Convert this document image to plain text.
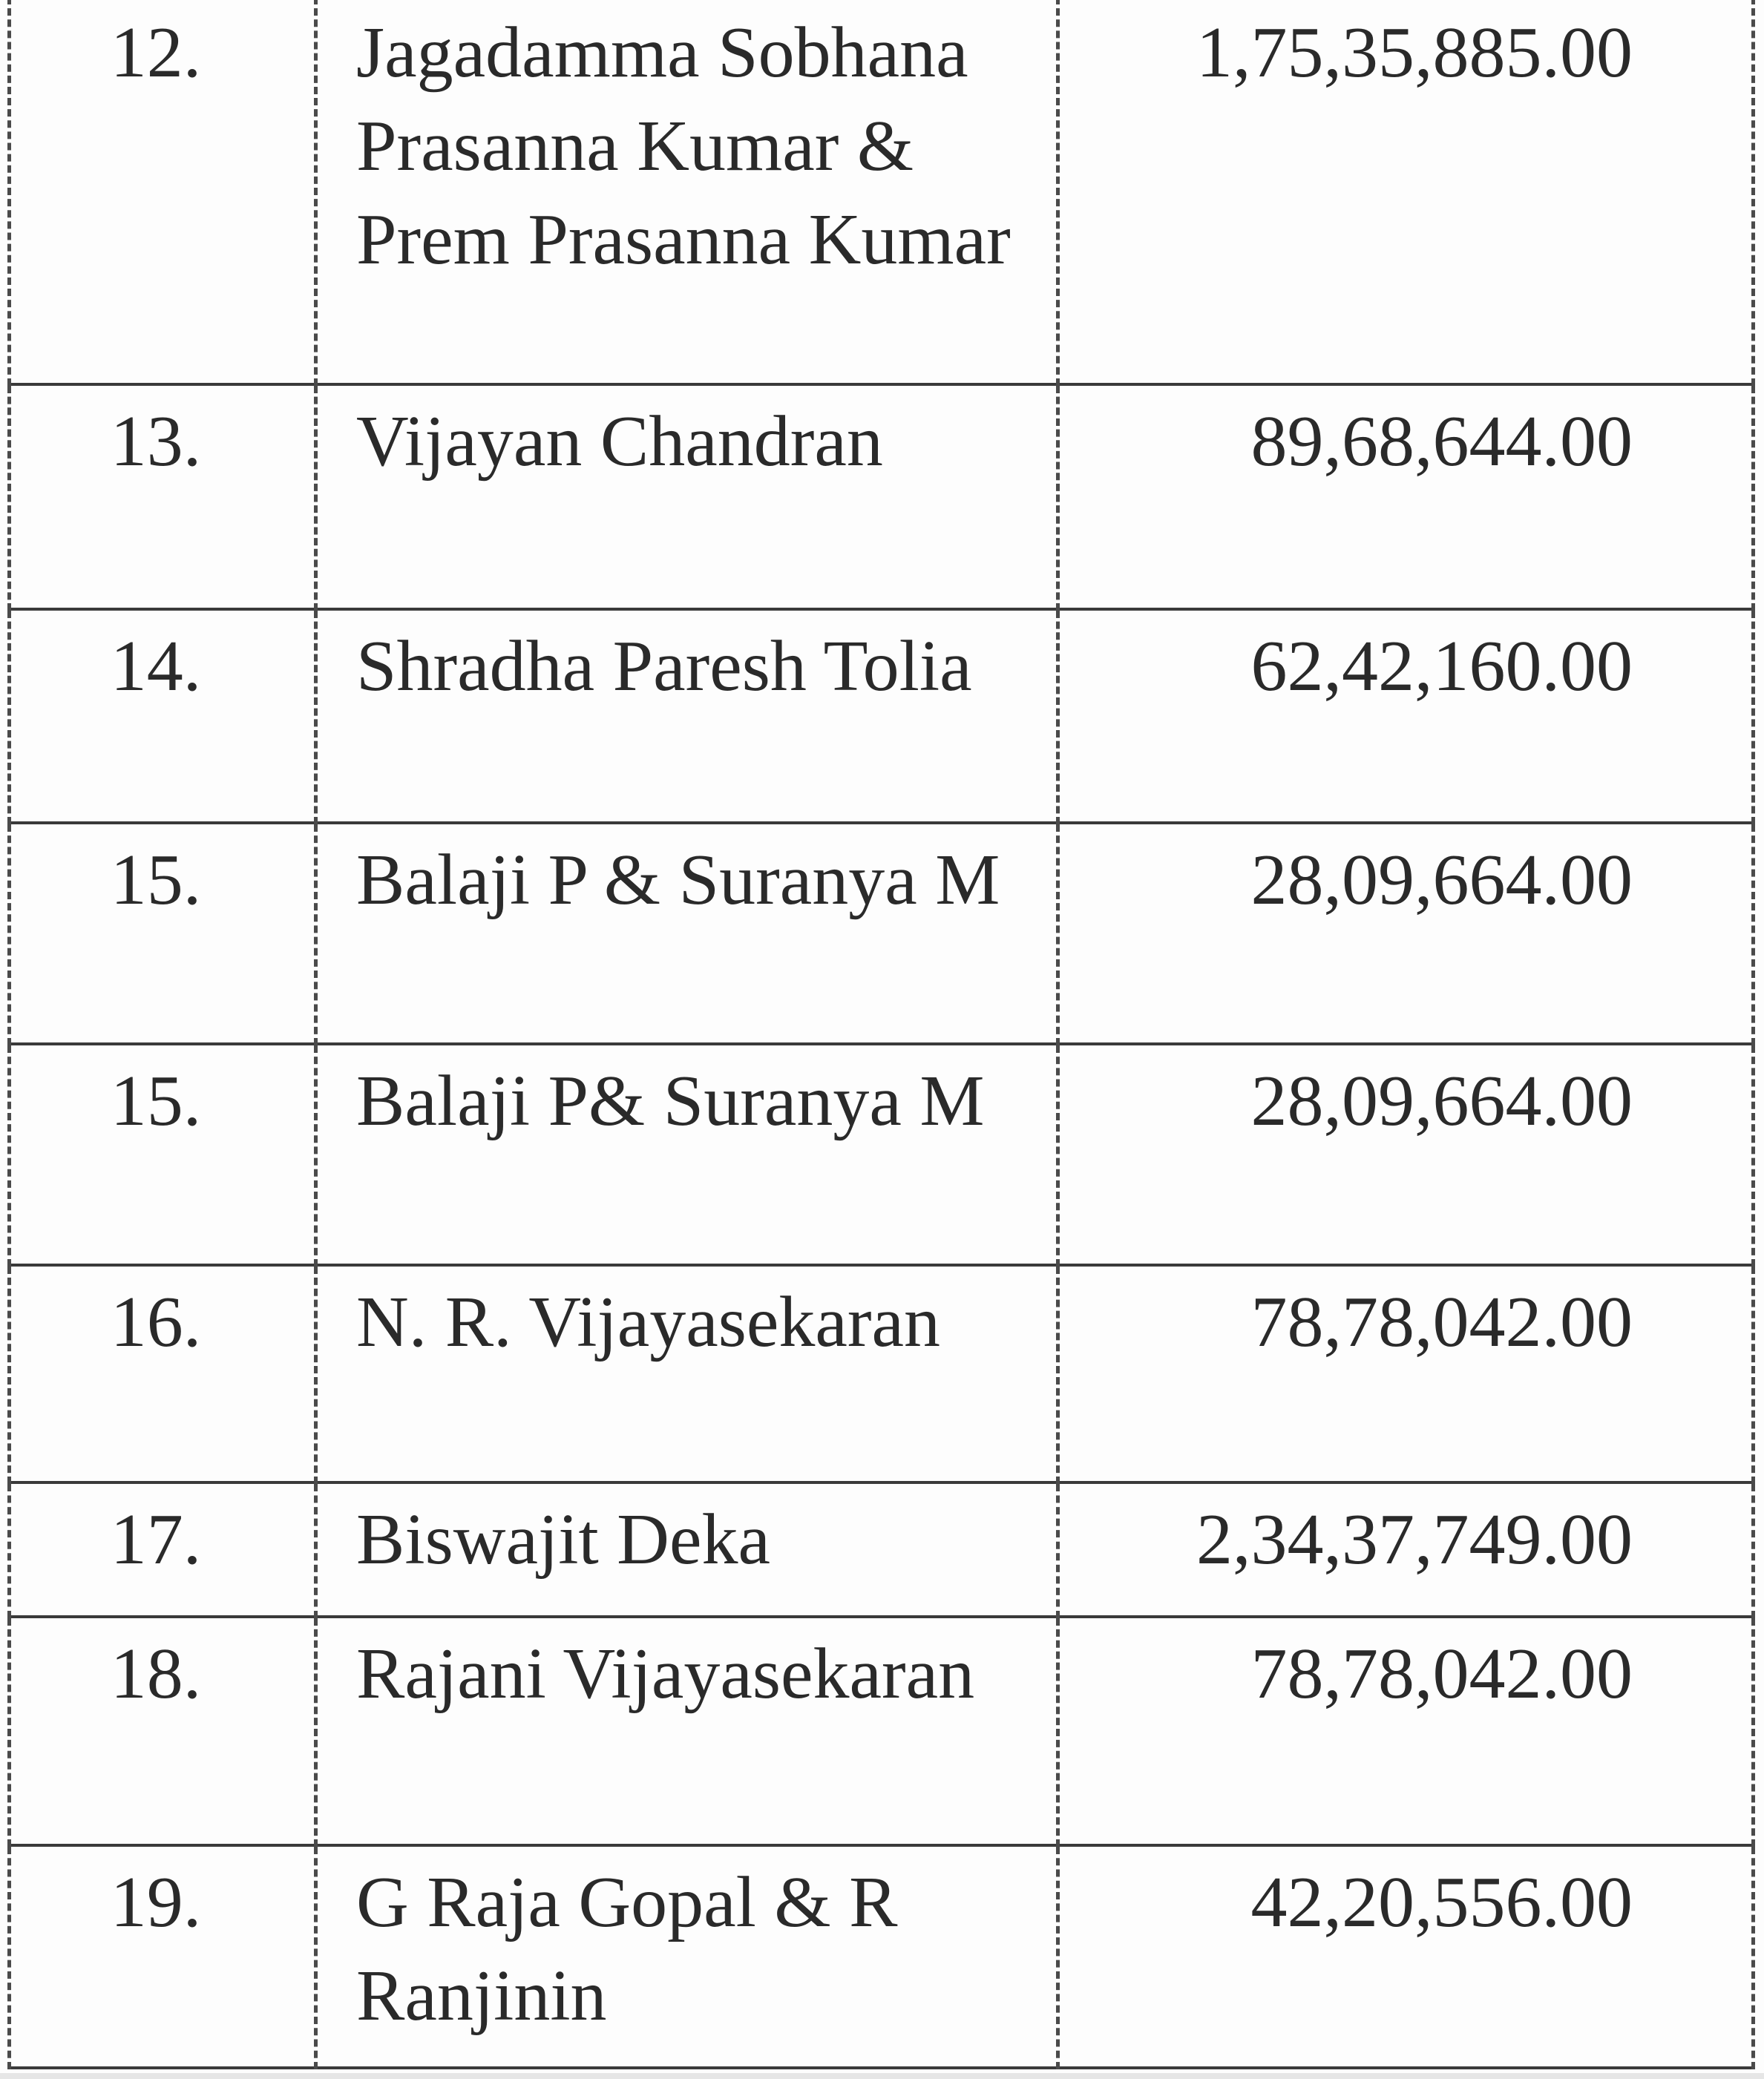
12.	Jagadamma Sobhana Prasanna Kumar & Prem Prasanna Kumar	1,75,35,885.00
13.	Vijayan Chandran	89,68,644.00
14.	Shradha Paresh Tolia	62,42,160.00
15.	Balaji P & Suranya M	28,09,664.00
15.	Balaji P& Suranya M	28,09,664.00
16.	N. R. Vijayasekaran	78,78,042.00
17.	Biswajit Deka	2,34,37,749.00
18.	Rajani Vijayasekaran	78,78,042.00
19.	G Raja Gopal & R Ranjinin	42,20,556.00
